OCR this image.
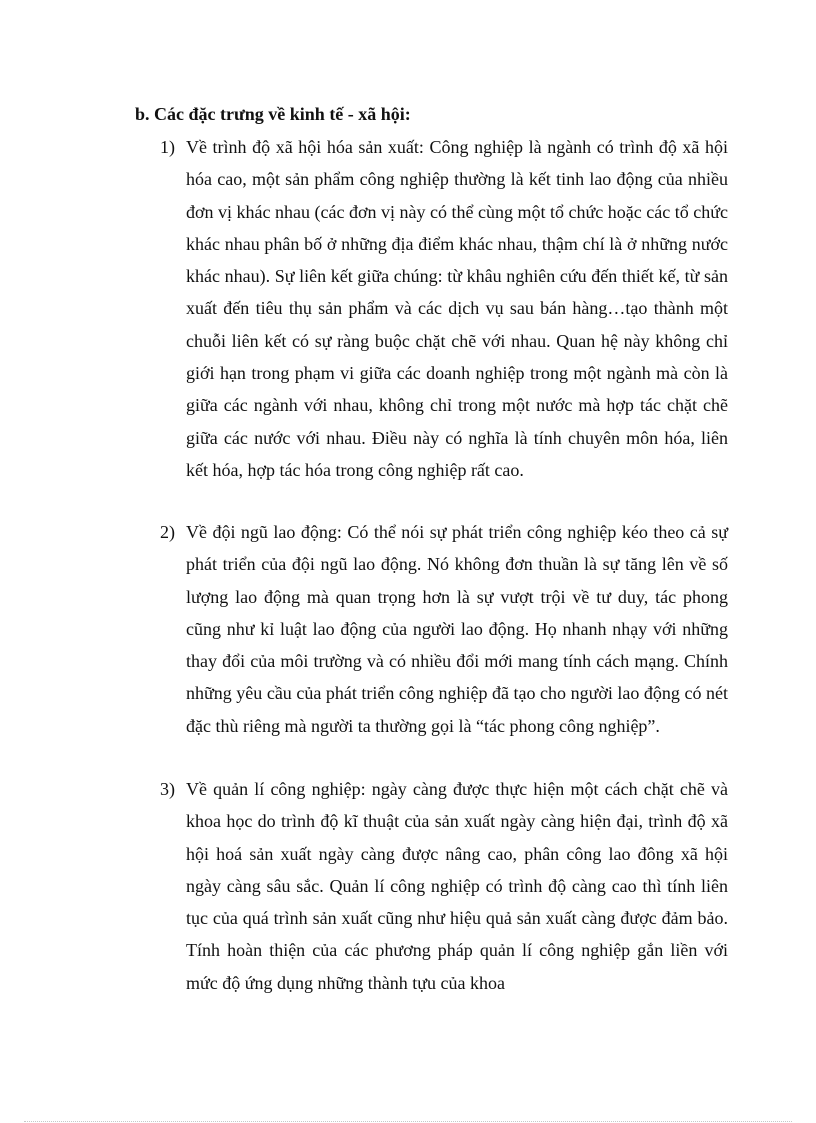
b. Các đặc trưng về kinh tế - xã hội:
1) Về trình độ xã hội hóa sản xuất: Công nghiệp là ngành có trình độ xã hội hóa cao, một sản phẩm công nghiệp thường là kết tinh lao động của nhiều đơn vị khác nhau (các đơn vị này có thể cùng một tổ chức hoặc các tổ chức khác nhau phân bố ở những địa điểm khác nhau, thậm chí là ở những nước khác nhau). Sự liên kết giữa chúng: từ khâu nghiên cứu đến thiết kế, từ sản xuất đến tiêu thụ sản phẩm và các dịch vụ sau bán hàng…tạo thành một chuỗi liên kết có sự ràng buộc chặt chẽ với nhau. Quan hệ này không chỉ giới hạn trong phạm vi giữa các doanh nghiệp trong một ngành mà còn là giữa các ngành với nhau, không chỉ trong một nước mà hợp tác chặt chẽ giữa các nước với nhau. Điều này có nghĩa là tính chuyên môn hóa, liên kết hóa, hợp tác hóa trong công nghiệp rất cao.
2) Về đội ngũ lao động: Có thể nói sự phát triển công nghiệp kéo theo cả sự phát triển của đội ngũ lao động. Nó không đơn thuần là sự tăng lên về số lượng lao động mà quan trọng hơn là sự vượt trội về tư duy, tác phong cũng như kỉ luật lao động của người lao động. Họ nhanh nhạy với những thay đổi của môi trường và có nhiều đổi mới mang tính cách mạng. Chính những yêu cầu của phát triển công nghiệp đã tạo cho người lao động có nét đặc thù riêng mà người ta thường gọi là “tác phong công nghiệp”.
3) Về quản lí công nghiệp: ngày càng được thực hiện một cách chặt chẽ và khoa học do trình độ kĩ thuật của sản xuất ngày càng hiện đại, trình độ xã hội hoá sản xuất ngày càng được nâng cao, phân công lao đông xã hội ngày càng sâu sắc. Quản lí công nghiệp có trình độ càng cao thì tính liên tục của quá trình sản xuất cũng như hiệu quả sản xuất càng được đảm bảo. Tính hoàn thiện của các phương pháp quản lí công nghiệp gắn liền với mức độ ứng dụng những thành tựu của khoa
